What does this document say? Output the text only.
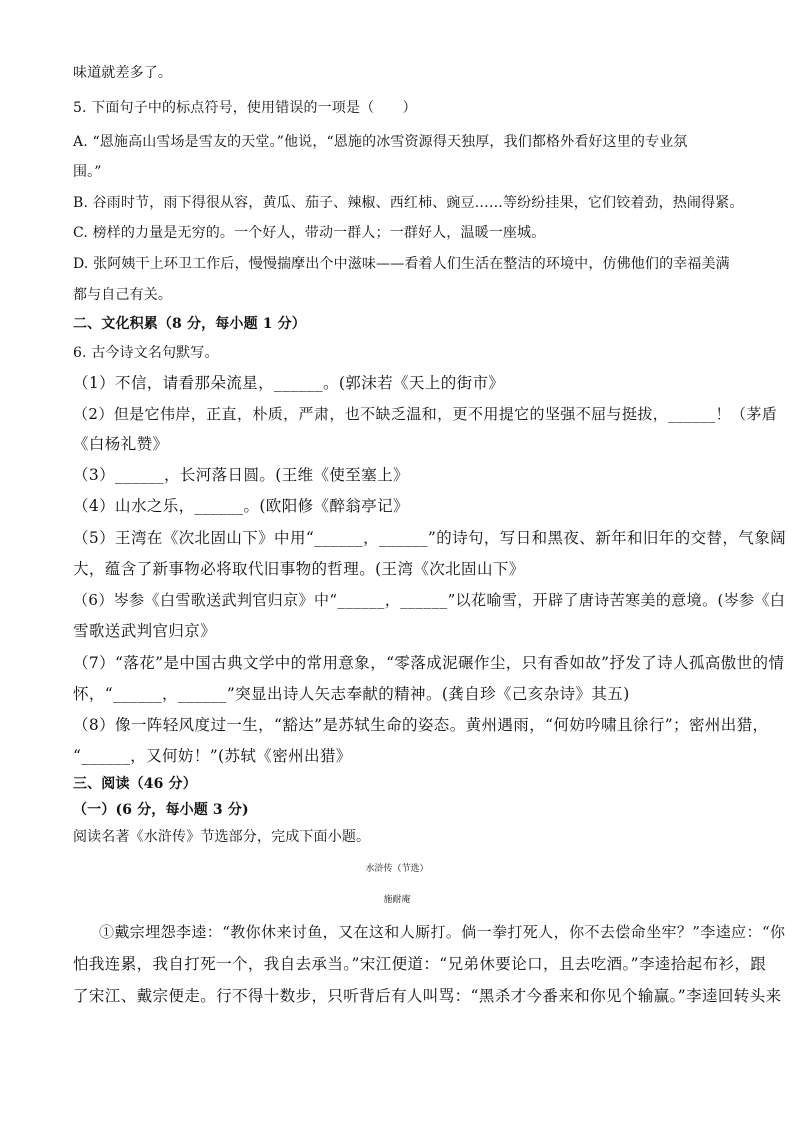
味道就差多了。
5. 下面句子中的标点符号，使用错误的一项是（　　）
A. “恩施高山雪场是雪友的天堂。”他说，“恩施的冰雪资源得天独厚，我们都格外看好这里的专业氛
围。”
B. 谷雨时节，雨下得很从容，黄瓜、茄子、辣椒、西红柿、豌豆……等纷纷挂果，它们铰着劲，热闹得紧。
C. 榜样的力量是无穷的。一个好人，带动一群人；一群好人，温暖一座城。
D. 张阿姨干上环卫工作后，慢慢揣摩出个中滋味——看着人们生活在整洁的环境中，仿佛他们的幸福美满
都与自己有关。
二、文化积累（8 分，每小题 1 分）
6. 古今诗文名句默写。
（1）不信，请看那朵流星，______。(郭沫若《天上的街市》
（2）但是它伟岸，正直，朴质，严肃，也不缺乏温和，更不用提它的坚强不屈与挺拔，______！（茅盾
《白杨礼赞》
（3）______，长河落日圆。(王维《使至塞上》
（4）山水之乐，______。(欧阳修《醉翁亭记》
（5）王湾在《次北固山下》中用“______，______”的诗句，写日和黑夜、新年和旧年的交替，气象阔
大，蕴含了新事物必将取代旧事物的哲理。(王湾《次北固山下》
（6）岑参《白雪歌送武判官归京》中“______，______”以花喻雪，开辟了唐诗苦寒美的意境。(岑参《白
雪歌送武判官归京》
（7）“落花”是中国古典文学中的常用意象，“零落成泥碾作尘，只有香如故”抒发了诗人孤高傲世的情
怀，“______，______”突显出诗人矢志奉献的精神。(龚自珍《己亥杂诗》其五)
（8）像一阵轻风度过一生，“豁达”是苏轼生命的姿态。黄州遇雨，“何妨吟啸且徐行”；密州出猎，
“______，又何妨！”(苏轼《密州出猎》
三、阅读（46 分）
（一）(6 分，每小题 3 分)
阅读名著《水浒传》节选部分，完成下面小题。
水浒传（节选）
施耐庵
①戴宗埋怨李逵：“教你休来讨鱼，又在这和人厮打。倘一拳打死人，你不去偿命坐牢？”李逵应：“你
怕我连累，我自打死一个，我自去承当。”宋江便道：“兄弟休要论口，且去吃酒。”李逵拾起布衫，跟
了宋江、戴宗便走。行不得十数步，只听背后有人叫骂：“黑杀才今番来和你见个输赢。”李逵回转头来
